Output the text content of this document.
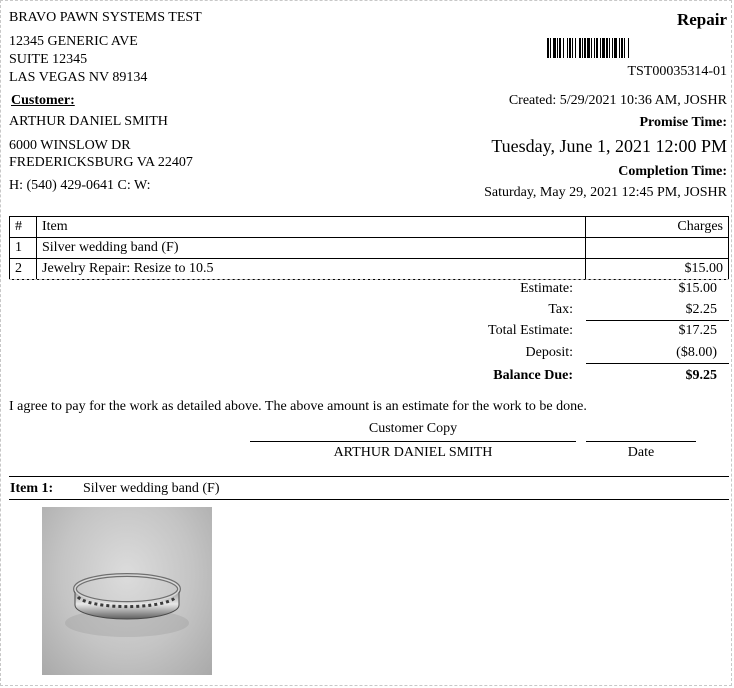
BRAVO PAWN SYSTEMS TEST
12345 GENERIC AVE
SUITE 12345
LAS VEGAS NV 89134
Repair
TST00035314-01
Customer:
ARTHUR DANIEL SMITH
6000 WINSLOW DR
FREDERICKSBURG VA 22407
H: (540) 429-0641 C: W:
Created: 5/29/2021 10:36 AM, JOSHR
Promise Time:
Tuesday, June 1, 2021 12:00 PM
Completion Time:
Saturday, May 29, 2021 12:45 PM, JOSHR
#	Item	Charges
1	Silver wedding band (F)	
2	Jewelry Repair: Resize to 10.5	$15.00
Estimate:	$15.00
Tax:	$2.25
Total Estimate:	$17.25
Deposit:	($8.00)
Balance Due:	$9.25
I agree to pay for the work as detailed above. The above amount is an estimate for the work to be done.
Customer Copy
ARTHUR DANIEL SMITH	Date
Item 1: Silver wedding band (F)
